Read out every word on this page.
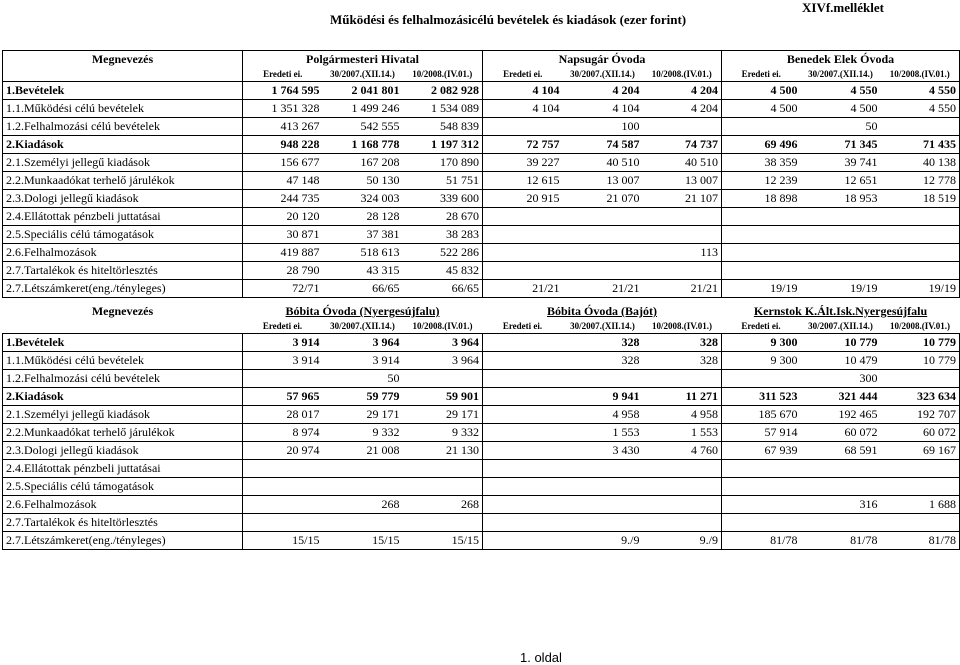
Működési és felhalmozásicélú bevételek és kiadások (ezer forint)
XIVf.melléklet
Megnevezés	Polgármesteri Hivatal			Napsugár Óvoda			Benedek Elek Óvoda		
	Eredeti ei.	30/2007.(XII.14.)	10/2008.(IV.01.)	Eredeti ei.	30/2007.(XII.14.)	10/2008.(IV.01.)	Eredeti ei.	30/2007.(XII.14.)	10/2008.(IV.01.)
1.Bevételek	1 764 595	2 041 801	2 082 928	4 104	4 204	4 204	4 500	4 550	4 550
1.1.Működési célú bevételek	1 351 328	1 499 246	1 534 089	4 104	4 104	4 204	4 500	4 500	4 550
1.2.Felhalmozási célú bevételek	413 267	542 555	548 839		100			50	
2.Kiadások	948 228	1 168 778	1 197 312	72 757	74 587	74 737	69 496	71 345	71 435
2.1.Személyi jellegű kiadások	156 677	167 208	170 890	39 227	40 510	40 510	38 359	39 741	40 138
2.2.Munkaadókat terhelő járulékok	47 148	50 130	51 751	12 615	13 007	13 007	12 239	12 651	12 778
2.3.Dologi jellegű kiadások	244 735	324 003	339 600	20 915	21 070	21 107	18 898	18 953	18 519
2.4.Ellátottak pénzbeli juttatásai	20 120	28 128	28 670						
2.5.Speciális célú támogatások	30 871	37 381	38 283						
2.6.Felhalmozások	419 887	518 613	522 286			113			
2.7.Tartalékok és hiteltörlesztés	28 790	43 315	45 832						
2.7.Létszámkeret(eng./tényleges)	72/71	66/65	66/65	21/21	21/21	21/21	19/19	19/19	19/19
Megnevezés	Bóbita Óvoda (Nyergesújfalu)			Bóbita Óvoda (Bajót)			Kernstok K.Ált.Isk.Nyergesújfalu		
	Eredeti ei.	30/2007.(XII.14.)	10/2008.(IV.01.)	Eredeti ei.	30/2007.(XII.14.)	10/2008.(IV.01.)	Eredeti ei.	30/2007.(XII.14.)	10/2008.(IV.01.)
1.Bevételek	3 914	3 964	3 964		328	328	9 300	10 779	10 779
1.1.Működési célú bevételek	3 914	3 914	3 964		328	328	9 300	10 479	10 779
1.2.Felhalmozási célú bevételek		50						300	
2.Kiadások	57 965	59 779	59 901		9 941	11 271	311 523	321 444	323 634
2.1.Személyi jellegű kiadások	28 017	29 171	29 171		4 958	4 958	185 670	192 465	192 707
2.2.Munkaadókat terhelő járulékok	8 974	9 332	9 332		1 553	1 553	57 914	60 072	60 072
2.3.Dologi jellegű kiadások	20 974	21 008	21 130		3 430	4 760	67 939	68 591	69 167
2.4.Ellátottak pénzbeli juttatásai									
2.5.Speciális célú támogatások									
2.6.Felhalmozások		268	268					316	1 688
2.7.Tartalékok és hiteltörlesztés									
2.7.Létszámkeret(eng./tényleges)	15/15	15/15	15/15		9./9	9./9	81/78	81/78	81/78
1. oldal
